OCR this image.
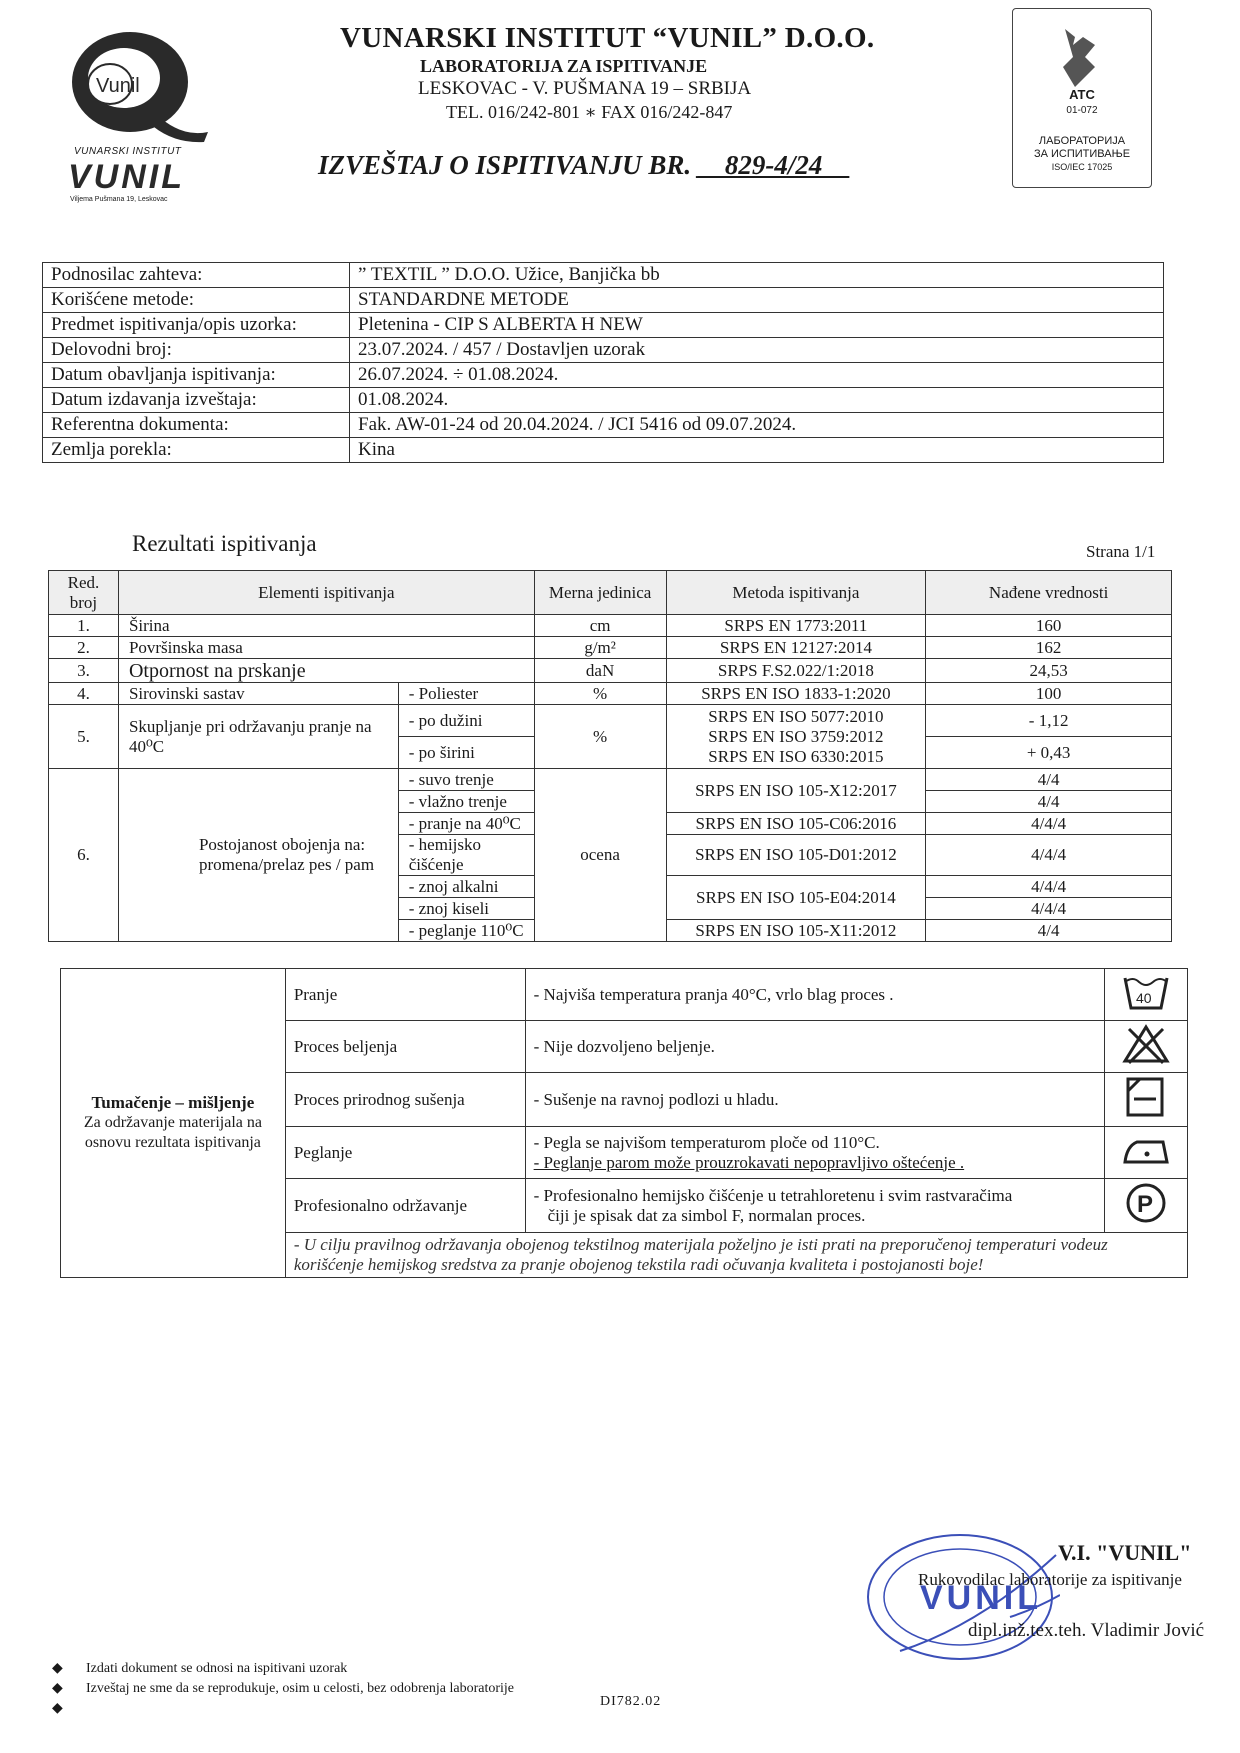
Vunil
VUNARSKI INSTITUT
VUNIL
Viljema Pušmana 19, Leskovac
VUNARSKI INSTITUT “VUNIL” D.O.O.
LABORATORIJA ZA ISPITIVANJE
LESKOVAC - V. PUŠMANA 19 – SRBIJA
TEL. 016/242-801 ∗ FAX 016/242-847
IZVEŠTAJ O ISPITIVANJU BR. __829-4/24__
ATC
01-072
ЛАБОРАТОРИЈА
ЗА ИСПИТИВАЊЕ
ISO/IEC 17025
Podnosilac zahteva:	” TEXTIL ” D.O.O. Užice, Banjička bb
Korišćene metode:	STANDARDNE METODE
Predmet ispitivanja/opis uzorka:	Pletenina - CIP S ALBERTA H NEW
Delovodni broj:	23.07.2024. / 457 / Dostavljen uzorak
Datum obavljanja ispitivanja:	26.07.2024. ÷ 01.08.2024.
Datum izdavanja izveštaja:	01.08.2024.
Referentna dokumenta:	Fak. AW-01-24 od 20.04.2024. / JCI 5416 od 09.07.2024.
Zemlja porekla:	Kina
Rezultati ispitivanja	Strana 1/1
Red. broj	Elementi ispitivanja		Merna jedinica	Metoda ispitivanja	Nađene vrednosti
1.	Širina		cm	SRPS EN 1773:2011	160
2.	Površinska masa		g/m²	SRPS EN 12127:2014	162
3.	Otpornost na prskanje		daN	SRPS F.S2.022/1:2018	24,53
4.	Sirovinski sastav	- Poliester	%	SRPS EN ISO 1833-1:2020	100
5.	Skupljanje pri održavanju pranje na 40⁰C	- po dužini	%	SRPS EN ISO 5077:2010
SRPS EN ISO 3759:2012
SRPS EN ISO 6330:2015	- 1,12
		- po širini			+ 0,43
6.	Postojanost obojenja na: promena/prelaz pes / pam	- suvo trenje	ocena	SRPS EN ISO 105-X12:2017	4/4
		- vlažno trenje			4/4
		- pranje na 40⁰C		SRPS EN ISO 105-C06:2016	4/4/4
		- hemijsko čišćenje		SRPS EN ISO 105-D01:2012	4/4/4
		- znoj alkalni		SRPS EN ISO 105-E04:2014	4/4/4
		- znoj kiseli			4/4/4
		- peglanje 110⁰C		SRPS EN ISO 105-X11:2012	4/4
Tumačenje – mišljenje
Za održavanje materijala na osnovu rezultata ispitivanja	Pranje	- Najviša temperatura pranja 40°C, vrlo blag proces .	40

	Proces beljenja	- Nije dozvoljeno beljenje.	
	Proces prirodnog sušenja	- Sušenje na ravnoj podlozi u hladu.	
	Peglanje	- Pegla se najvišom temperaturom ploče od 110°C.
- Peglanje parom može prouzrokavati nepopravljivo oštećenje .

	Profesionalno održavanje	- Profesionalno hemijsko čišćenje u tetrahloretenu i svim rastvaračima
čiji je spisak dat za simbol F, normalan proces.	P

	- U cilju pravilnog održavanja obojenog tekstilnog materijala poželjno je isti prati na preporučenoj temperaturi vodeuz korišćenje hemijskog sredstva za pranje obojenog tekstila radi očuvanja kvaliteta i postojanosti boje!		
VUNIL
V.I. "VUNIL"
Rukovodilac laboratorije za ispitivanje
dipl.inž.tex.teh. Vladimir Jović
◆ Izdati dokument se odnosi na ispitivani uzorak
◆ Izveštaj ne sme da se reprodukuje, osim u celosti, bez odobrenja laboratorije
◆	DI782.02
